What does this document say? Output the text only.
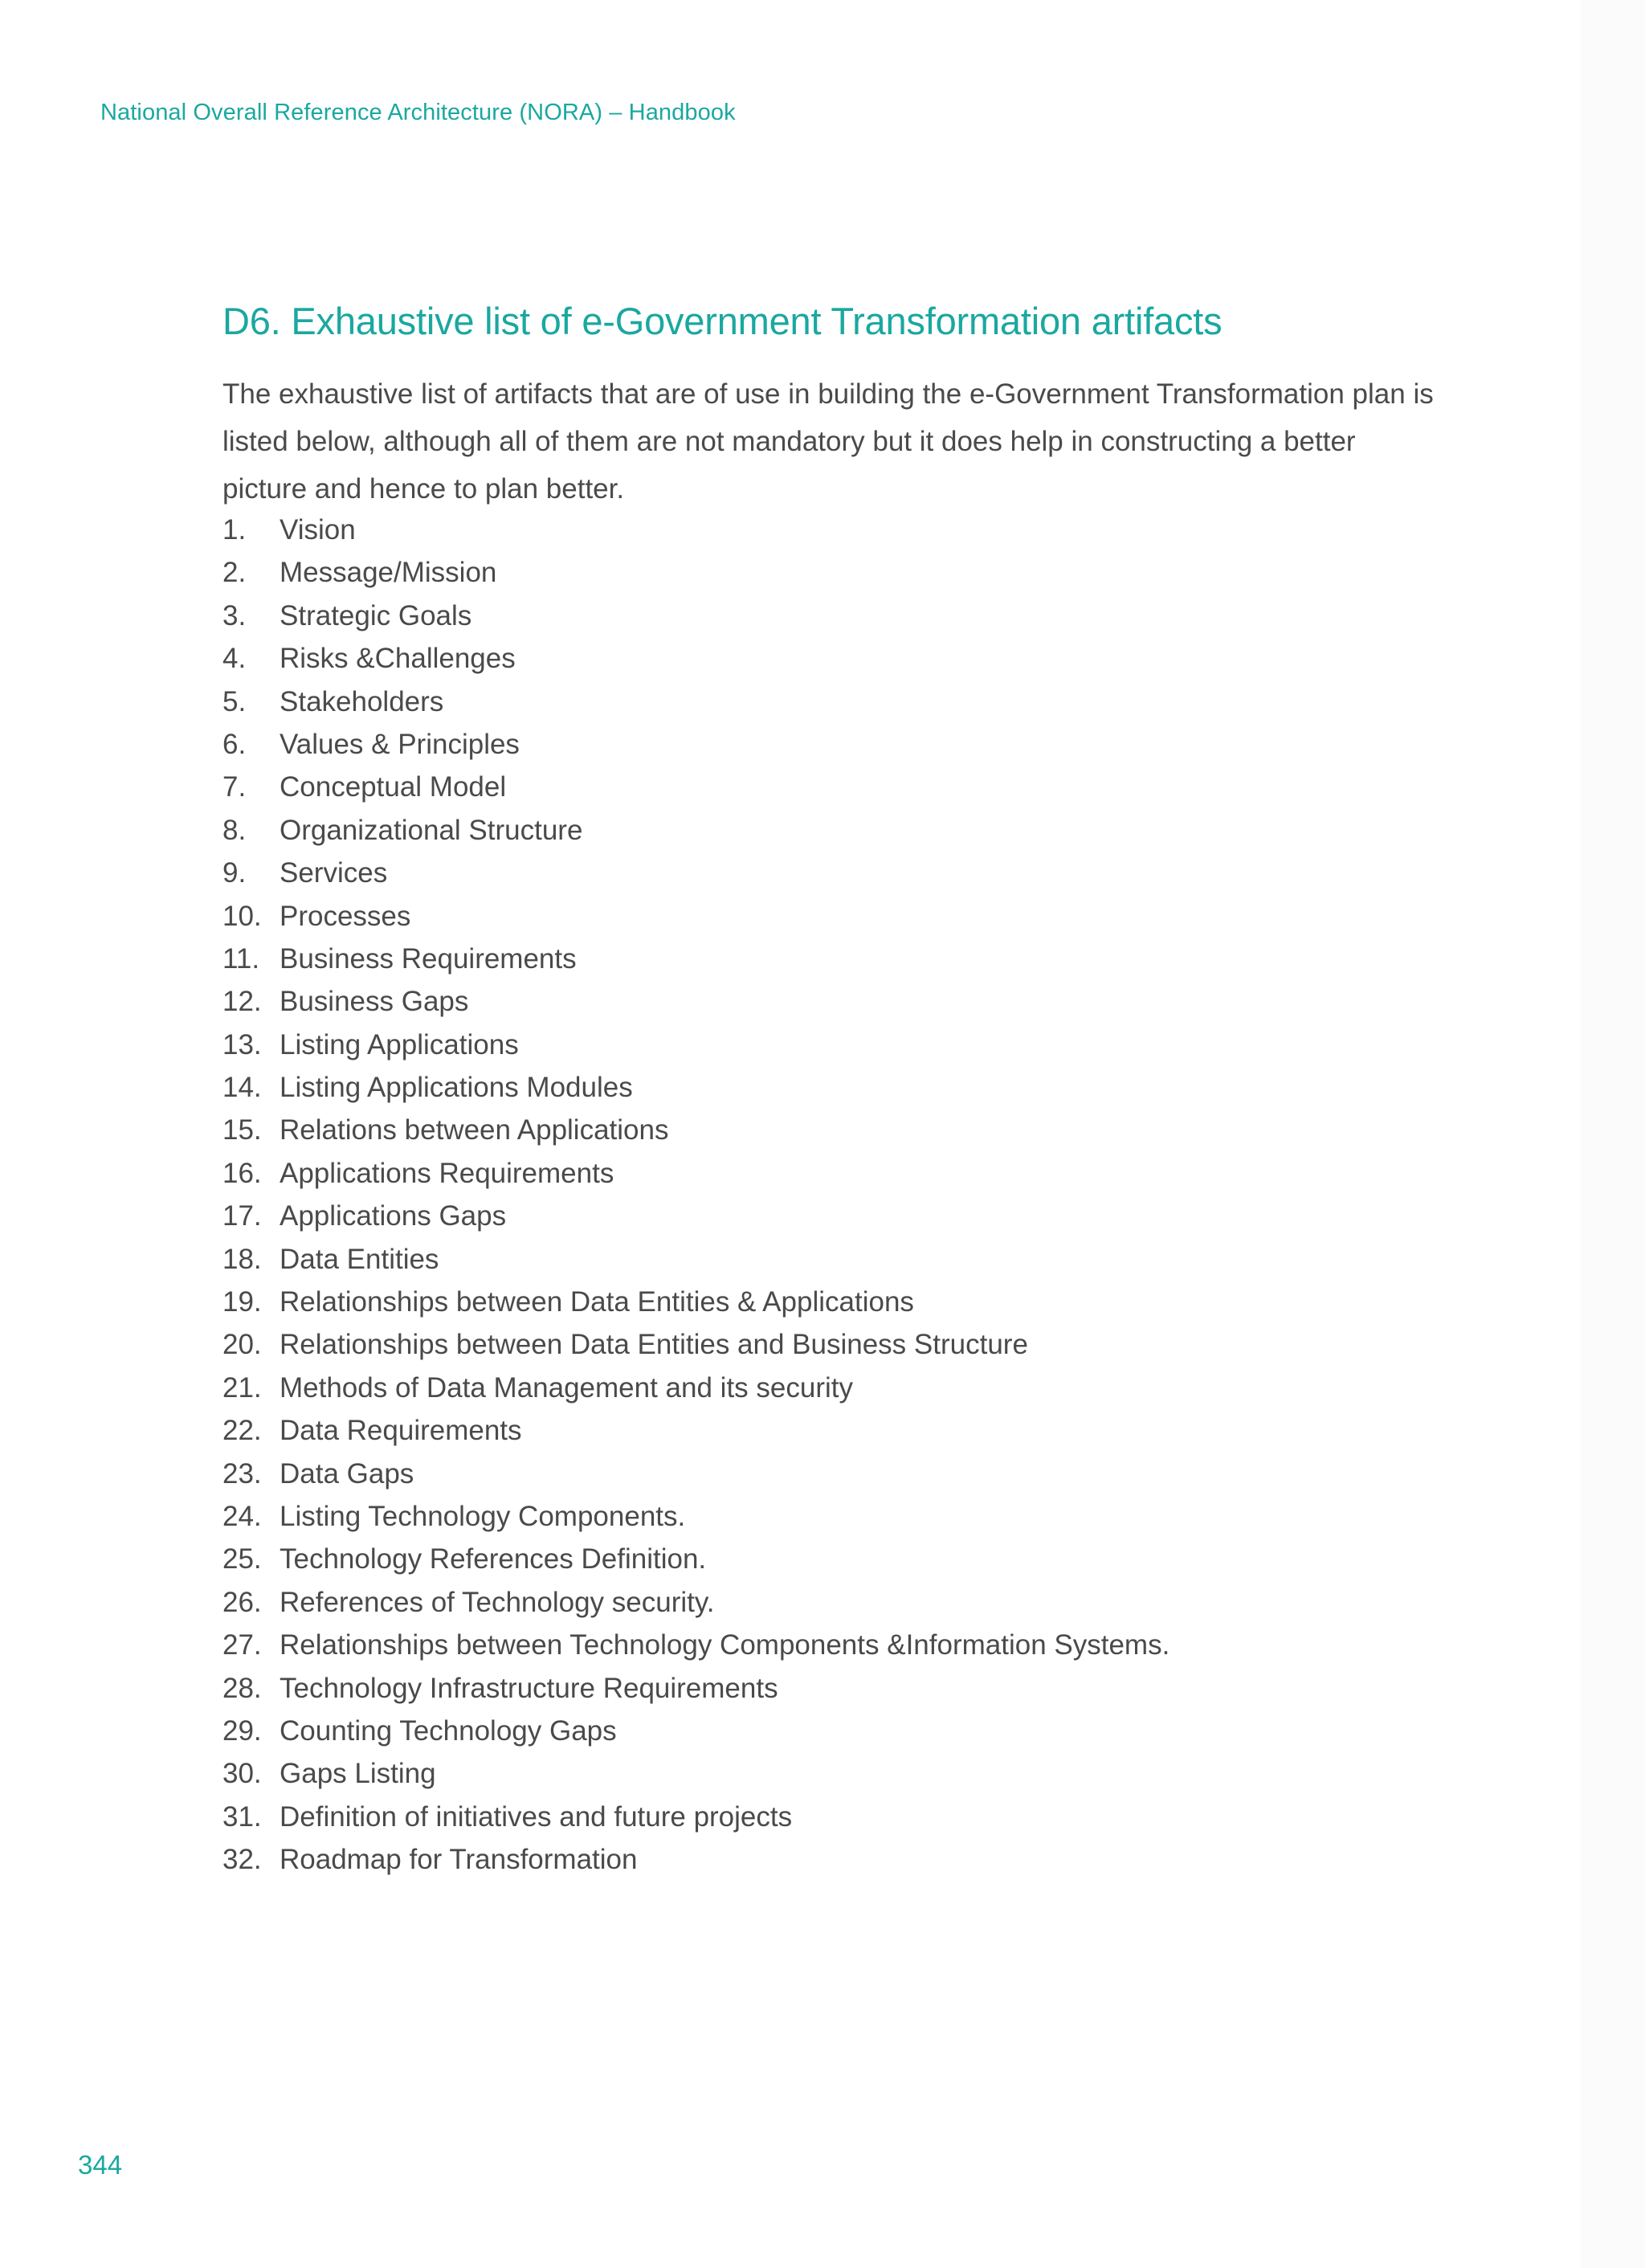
National Overall Reference Architecture (NORA) – Handbook
D6. Exhaustive list of e-Government Transformation artifacts

The exhaustive list of artifacts that are of use in building the e-Government Transformation plan is listed below, although all of them are not mandatory but it does help in constructing a better picture and hence to plan better.

1. Vision
2. Message/Mission
3. Strategic Goals
4. Risks &Challenges
5. Stakeholders
6. Values & Principles
7. Conceptual Model
8. Organizational Structure
9. Services
10. Processes
11. Business Requirements
12. Business Gaps
13. Listing Applications
14. Listing Applications Modules
15. Relations between Applications
16. Applications Requirements
17. Applications Gaps
18. Data Entities
19. Relationships between Data Entities & Applications
20. Relationships between Data Entities and Business Structure
21. Methods of Data Management and its security
22. Data Requirements
23. Data Gaps
24. Listing Technology Components.
25. Technology References Definition.
26. References of Technology security.
27. Relationships between Technology Components &Information Systems.
28. Technology Infrastructure Requirements
29. Counting Technology Gaps
30. Gaps Listing
31. Definition of initiatives and future projects
32. Roadmap for Transformation
344
